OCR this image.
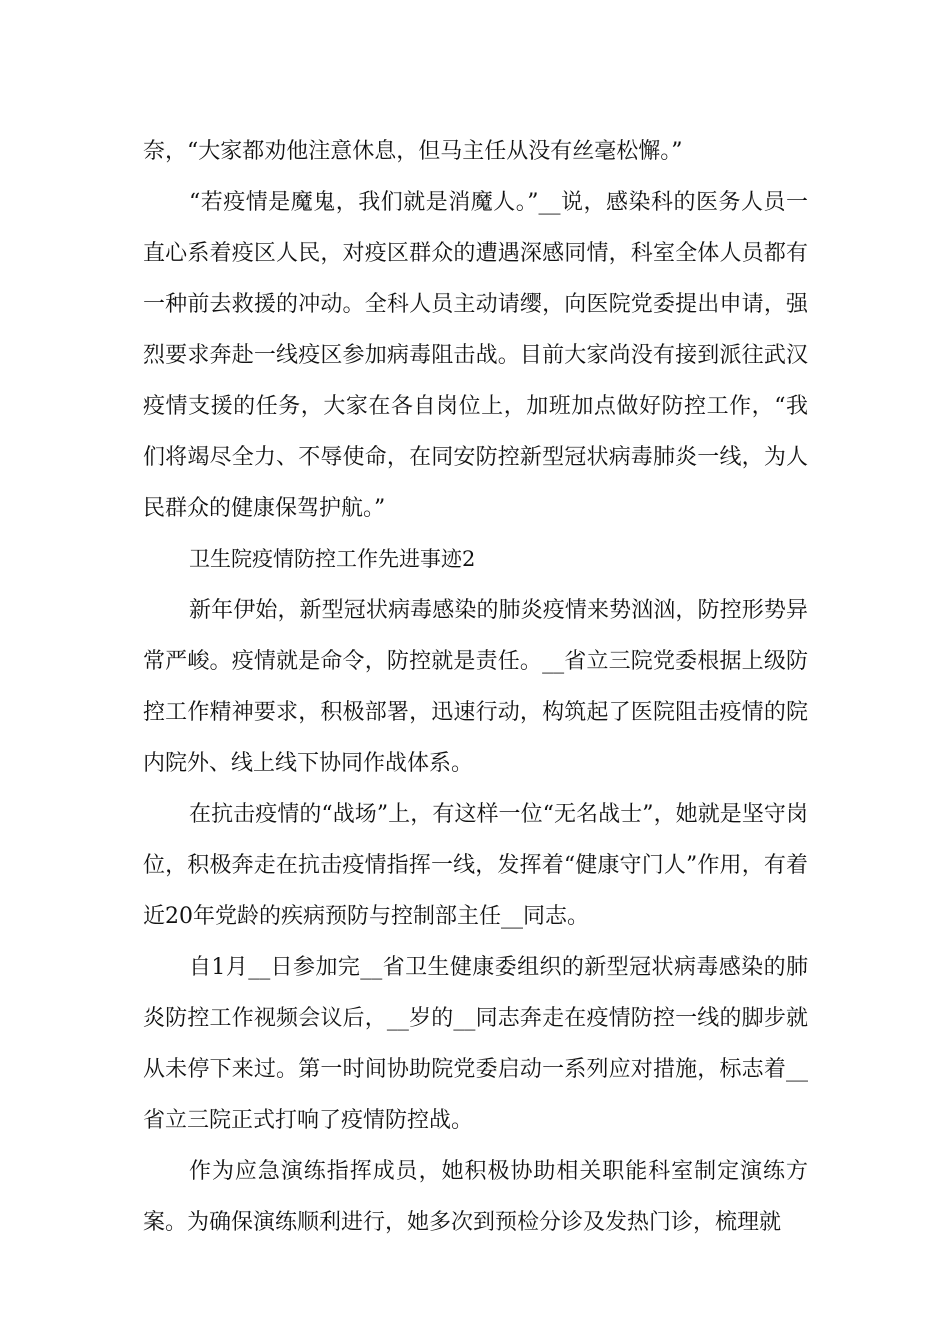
奈，“大家都劝他注意休息，但马主任从没有丝毫松懈。”

“若疫情是魔鬼，我们就是消魔人。”__说，感染科的医务人员一直心系着疫区人民，对疫区群众的遭遇深感同情，科室全体人员都有一种前去救援的冲动。全科人员主动请缨，向医院党委提出申请，强烈要求奔赴一线疫区参加病毒阻击战。目前大家尚没有接到派往武汉疫情支援的任务，大家在各自岗位上，加班加点做好防控工作，“我们将竭尽全力、不辱使命，在同安防控新型冠状病毒肺炎一线，为人民群众的健康保驾护航。”

卫生院疫情防控工作先进事迹2

新年伊始，新型冠状病毒感染的肺炎疫情来势汹汹，防控形势异常严峻。疫情就是命令，防控就是责任。__省立三院党委根据上级防控工作精神要求，积极部署，迅速行动，构筑起了医院阻击疫情的院内院外、线上线下协同作战体系。

在抗击疫情的“战场”上，有这样一位“无名战士”，她就是坚守岗位，积极奔走在抗击疫情指挥一线，发挥着“健康守门人”作用，有着近20年党龄的疾病预防与控制部主任__同志。

自1月__日参加完__省卫生健康委组织的新型冠状病毒感染的肺炎防控工作视频会议后，__岁的__同志奔走在疫情防控一线的脚步就从未停下来过。第一时间协助院党委启动一系列应对措施，标志着__省立三院正式打响了疫情防控战。

作为应急演练指挥成员，她积极协助相关职能科室制定演练方案。为确保演练顺利进行，她多次到预检分诊及发热门诊，梳理就
